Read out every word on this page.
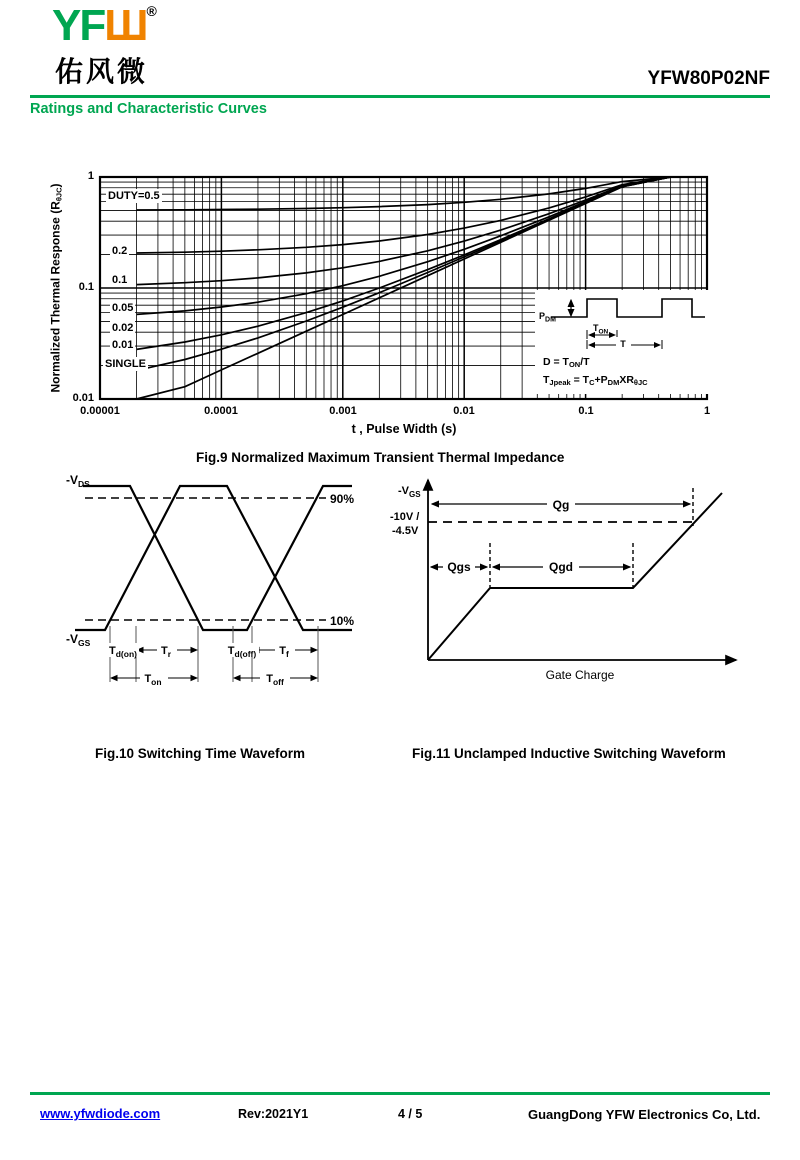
YFШ®
佑风微	YFW80P02NF
Ratings and Characteristic Curves
1
0.1
0.01
0.00001	0.0001	0.001	0.01	0.1	1
t , Pulse Width (s)
Normalized Thermal Response $(R_{\theta JC})$
DUTY=0.5
0.2
0.1
0.05
0.02
0.01
SINGLE
$P_{DM}$
$T_{ON}$
T
$D = T_{ON}/T$
$T_{Jpeak} = T_C+P_{DM}XR_{\theta JC}$
Fig.9 Normalized Maximum Transient Thermal Impedance
$T_{d(on)}$ $T_r$	$T_{d(off)}$ $T_f$
$T_{on}$	$T_{off}$
90%
10%
$-V_{DS}$
$-V_{GS}$
Qg
Qgs	Qgd
$-V_{GS}$
-10V /
-4.5V
Gate Charge
Fig.10 Switching Time Waveform	Fig.11 Unclamped Inductive Switching Waveform
www.yfwdiode.com	Rev:2021Y1	4 / 5	GuangDong YFW Electronics Co, Ltd.
